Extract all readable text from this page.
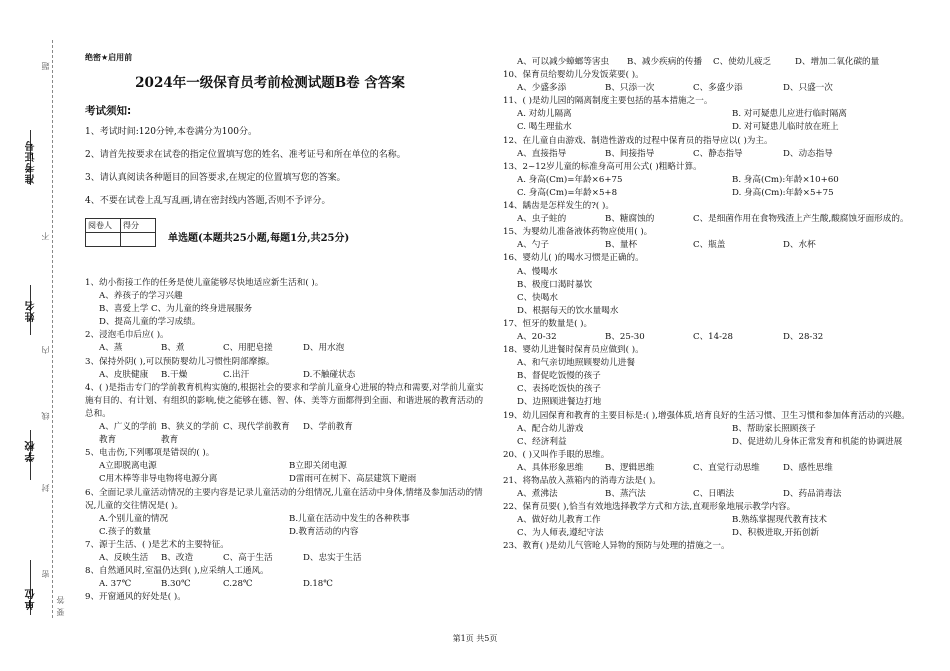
准考证号
姓名
学校
单位
题
不
内
线
封
密
答
要
绝密★启用前
2024年一级保育员考前检测试题B卷 含答案
考试须知:
1、考试时间:120分钟,本卷满分为100分。
2、请首先按要求在试卷的指定位置填写您的姓名、准考证号和所在单位的名称。
3、请认真阅读各种题目的回答要求,在规定的位置填写您的答案。
4、不要在试卷上乱写乱画,请在密封线内答题,否则不予评分。
阅卷人	得分

单选题(本题共25小题,每题1分,共25分)
1、幼小衔接工作的任务是使儿童能够尽快地适应新生活和( )。
A、养孩子的学习兴趣
B、喜爱上学 C、为儿童的终身进展服务
D、提高儿童的学习成绩。
2、浸泡毛巾后应( )。
A、蒸	B、煮	C、用肥皂搓	D、用水泡
3、保持外阴( ),可以预防婴幼儿习惯性阴部摩擦。
A、皮肤健康	B.干燥	C.出汗	D.不触碰状态
4、( )是指击专门的学前教育机构实施的,根据社会的要求和学前儿童身心进展的特点和需要,对学前儿童实施有目的、有计划、有组织的影响,使之能够在德、智、体、美等方面都得到全面、和谐进展的教育活动的总和。
A、广义的学前教育
B、狭义的学前教育
C、现代学前教育	D、学前教育
5、电击伤,下列哪项是错误的( )。
A立即脱离电源	B立即关闭电源
C用木棒等非导电物将电源分离	D雷雨可在树下、高层建筑下避雨
6、全面记录儿童活动情况的主要内容是记录儿童活动的分组情况,儿童在活动中身体,情绪及参加活动的情况,儿童的交往情况是( )。
A.个别儿童的情况	B.儿童在活动中发生的各种秩事
C.孩子的数量	D.教育活动的内容
7、源于生活、( )是艺术的主要特征。
A、反映生活	B、改造	C、高于生活	D、忠实于生活
8、自然通风时,室温仍达到( ),应采纳人工通风。
A. 37℃	B.30℃	C.28℃	D.18℃
9、开窗通风的好处是( )。
A、可以减少蟑螂等害虫	B、减少疾病的传播	C、使幼儿疲乏	D、增加二氧化碳的量
10、保育员给婴幼儿分发饭菜要( )。
A、少盛多添	B、只添一次	C、多盛少添	D、只盛一次
11、( )是幼儿园的隔离制度主要包括的基本措施之一。
A. 对幼儿隔离	B. 对可疑患儿应进行临时隔离
C. 喝生理盐水	D. 对可疑患儿临时放在班上
12、在儿童自由游戏、制造性游戏的过程中保育员的指导应以( )为主。
A、直接指导	B、间接指导	C、静态指导	D、动态指导
13、2~12岁儿童的标准身高可用公式( )粗略计算。
A. 身高(Cm)=年龄×6+75	B. 身高(Cm):年龄×10+60
C. 身高(Cm)=年龄×5+8	D. 身高(Cm):年龄×5+75
14、龋齿是怎样发生的?( )。
A、虫子蛀的	B、糖腐蚀的	C、是细菌作用在食物残渣上产生酸,酸腐蚀牙面形成的。
15、为婴幼儿准备液体药物应使用( )。
A、勺子	B、量杯	C、瓶盖	D、水杯
16、婴幼儿( )的喝水习惯是正确的。
A、慢喝水
B、极度口渴时暴饮
C、快喝水
D、根据每天的饮水量喝水
17、恒牙的数量是( )。
A、20-32	B、25-30	C、14-28	D、28-32
18、婴幼儿进餐时保育员应做到( )。
A、和气亲切地照顾婴幼儿进餐
B、督促吃饭慢的孩子
C、表扬吃饭快的孩子
D、边照顾进餐边打地
19、幼儿园保育和教育的主要目标是:( ),增强体质,培育良好的生活习惯、卫生习惯和参加体育活动的兴趣。
A、配合幼儿游戏	B、帮助家长照顾孩子
C、经济利益	D、促进幼儿身体正常发育和机能的协调进展
20、( )又叫作手眼的思维。
A、具体形象思维	B、逻辑思维	C、直觉行动思维	D、感性思维
21、将物品放入蒸箱内的消毒方法是( )。
A、煮沸法	B、蒸汽法	C、日晒法	D、药品消毒法
22、保育员要( ),恰当有效地选择教学方式和方法,直观形象地展示教学内容。
A、做好幼儿教育工作	B.熟练掌握现代教育技术
C、为人师表,遵纪守法	D、积极进取,开拓创新
23、教育( )是幼儿气管呛人异物的预防与处理的措施之一。
第1页 共5页
